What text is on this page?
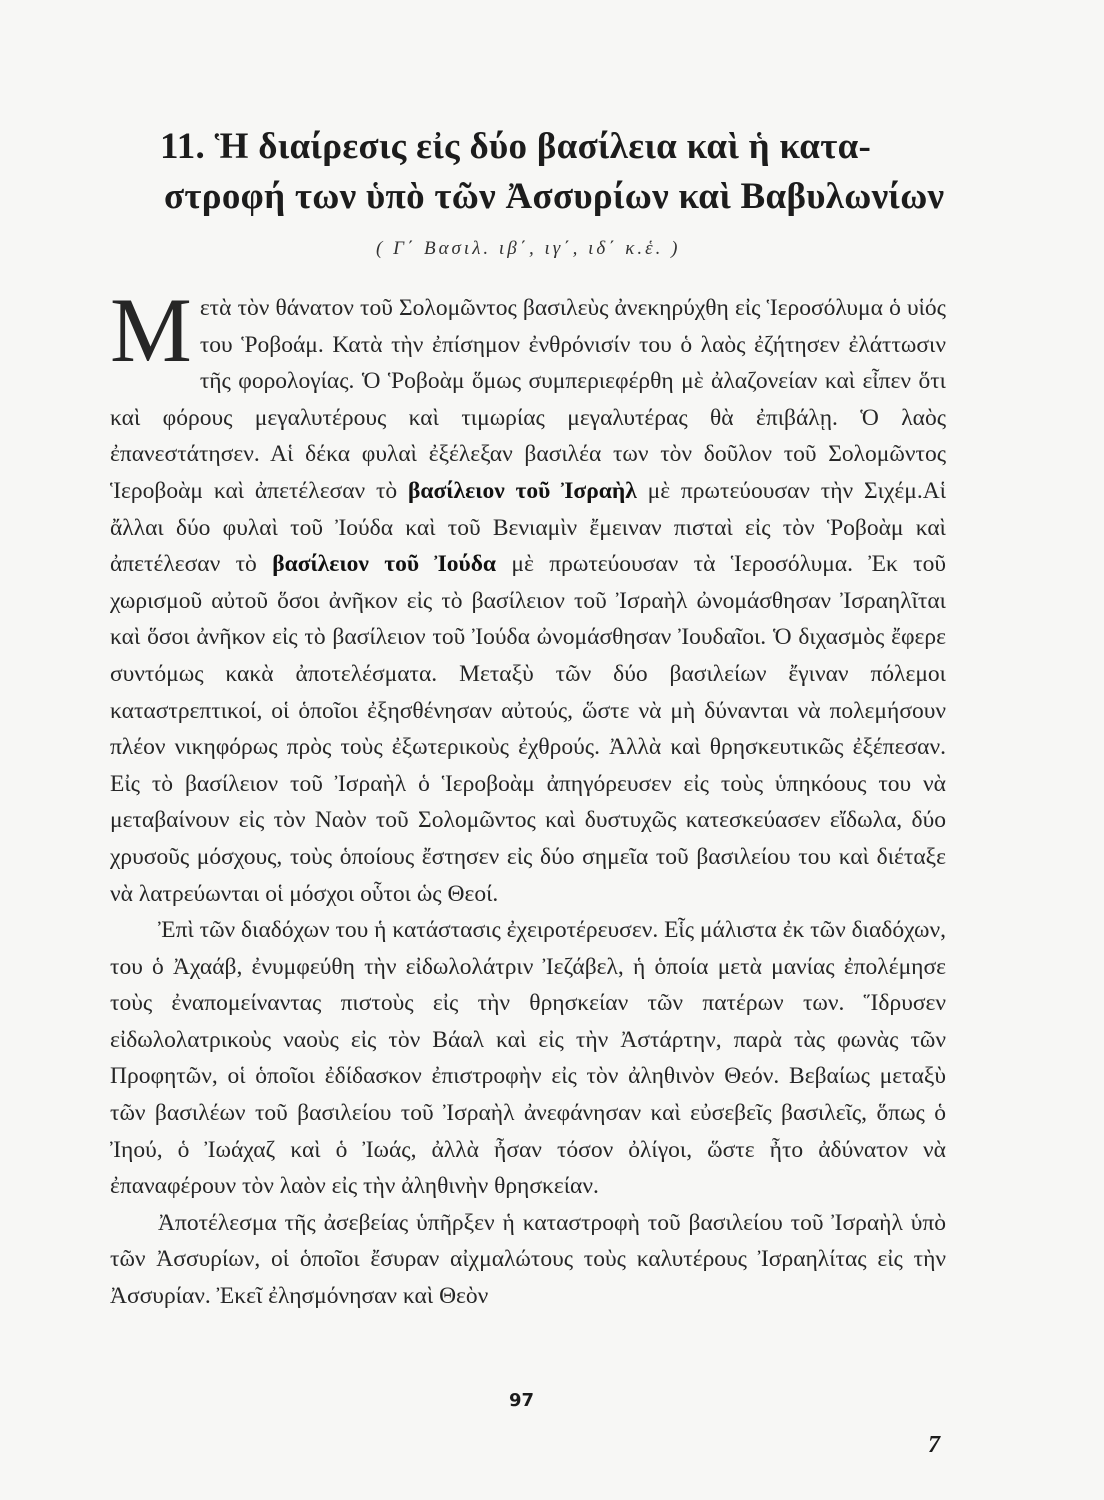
11. Ἡ διαίρεσις εἰς δύο βασίλεια καὶ ἡ κατα-
στροφή των ὑπὸ τῶν Ἀσσυρίων καὶ Βαβυλωνίων
( Γ΄ Βασιλ. ιβ΄, ιγ΄, ιδ΄ κ.ἑ. )

Μετὰ τὸν θάνατον τοῦ Σολομῶντος βασιλεὺς ἀνεκηρύχθη εἰς Ἱεροσόλυμα ὁ υἱός του Ῥοβοάμ. Κατὰ τὴν ἐπίσημον ἐνθρόνισίν του ὁ λαὸς ἐζήτησεν ἐλάττωσιν τῆς φορολογίας. Ὁ Ῥοβοὰμ ὅμως συμπεριεφέρθη μὲ ἀλαζονείαν καὶ εἶπεν ὅτι καὶ φόρους μεγαλυτέρους καὶ τιμωρίας μεγαλυτέρας θὰ ἐπιβάλῃ. Ὁ λαὸς ἐπανεστάτησεν. Αἱ δέκα φυλαὶ ἐξέλεξαν βασιλέα των τὸν δοῦλον τοῦ Σολομῶντος Ἱεροβοὰμ καὶ ἀπετέλεσαν τὸ βασίλειον τοῦ Ἰσραὴλ μὲ πρωτεύουσαν τὴν Σιχέμ.Αἱ ἄλλαι δύο φυλαὶ τοῦ Ἰούδα καὶ τοῦ Βενιαμὶν ἔμειναν πισταὶ εἰς τὸν Ῥοβοὰμ καὶ ἀπετέλεσαν τὸ βασίλειον τοῦ Ἰούδα μὲ πρωτεύουσαν τὰ Ἱεροσόλυμα. Ἐκ τοῦ χωρισμοῦ αὐτοῦ ὅσοι ἀνῆκον εἰς τὸ βασίλειον τοῦ Ἰσραὴλ ὠνομάσθησαν Ἰσραηλῖται καὶ ὅσοι ἀνῆκον εἰς τὸ βασίλειον τοῦ Ἰούδα ὠνομάσθησαν Ἰουδαῖοι. Ὁ διχασμὸς ἔφερε συντόμως κακὰ ἀποτελέσματα. Μεταξὺ τῶν δύο βασιλείων ἔγιναν πόλεμοι καταστρεπτικοί, οἱ ὁποῖοι ἐξησθένησαν αὐτούς, ὥστε νὰ μὴ δύνανται νὰ πολεμήσουν πλέον νικηφόρως πρὸς τοὺς ἐξωτερικοὺς ἐχθρούς. Ἀλλὰ καὶ θρησκευτικῶς ἐξέπεσαν. Εἰς τὸ βασίλειον τοῦ Ἰσραὴλ ὁ Ἱεροβοὰμ ἀπηγόρευσεν εἰς τοὺς ὑπηκόους του νὰ μεταβαίνουν εἰς τὸν Ναὸν τοῦ Σολομῶντος καὶ δυστυχῶς κατεσκεύασεν εἴδωλα, δύο χρυσοῦς μόσχους, τοὺς ὁποίους ἔστησεν εἰς δύο σημεῖα τοῦ βασιλείου του καὶ διέταξε νὰ λατρεύωνται οἱ μόσχοι οὗτοι ὡς Θεοί.

Ἐπὶ τῶν διαδόχων του ἡ κατάστασις ἐχειροτέρευσεν. Εἷς μάλιστα ἐκ τῶν διαδόχων, του ὁ Ἀχαάβ, ἐνυμφεύθη τὴν εἰδωλολάτριν Ἰεζάβελ, ἡ ὁποία μετὰ μανίας ἐπολέμησε τοὺς ἐναπομείναντας πιστοὺς εἰς τὴν θρησκείαν τῶν πατέρων των. Ἵδρυσεν εἰδωλολατρικοὺς ναοὺς εἰς τὸν Βάαλ καὶ εἰς τὴν Ἀστάρτην, παρὰ τὰς φωνὰς τῶν Προφητῶν, οἱ ὁποῖοι ἐδίδασκον ἐπιστροφὴν εἰς τὸν ἀληθινὸν Θεόν. Βεβαίως μεταξὺ τῶν βασιλέων τοῦ βασιλείου τοῦ Ἰσραὴλ ἀνεφάνησαν καὶ εὐσεβεῖς βασιλεῖς, ὅπως ὁ Ἰηού, ὁ Ἰωάχαζ καὶ ὁ Ἰωάς, ἀλλὰ ἦσαν τόσον ὀλίγοι, ὥστε ἦτο ἀδύνατον νὰ ἐπαναφέρουν τὸν λαὸν εἰς τὴν ἀληθινὴν θρησκείαν.

Ἀποτέλεσμα τῆς ἀσεβείας ὑπῆρξεν ἡ καταστροφὴ τοῦ βασιλείου τοῦ Ἰσραὴλ ὑπὸ τῶν Ἀσσυρίων, οἱ ὁποῖοι ἔσυραν αἰχμαλώτους τοὺς καλυτέρους Ἰσραηλίτας εἰς τὴν Ἀσσυρίαν. Ἐκεῖ ἐλησμόνησαν καὶ Θεὸν

97
7
